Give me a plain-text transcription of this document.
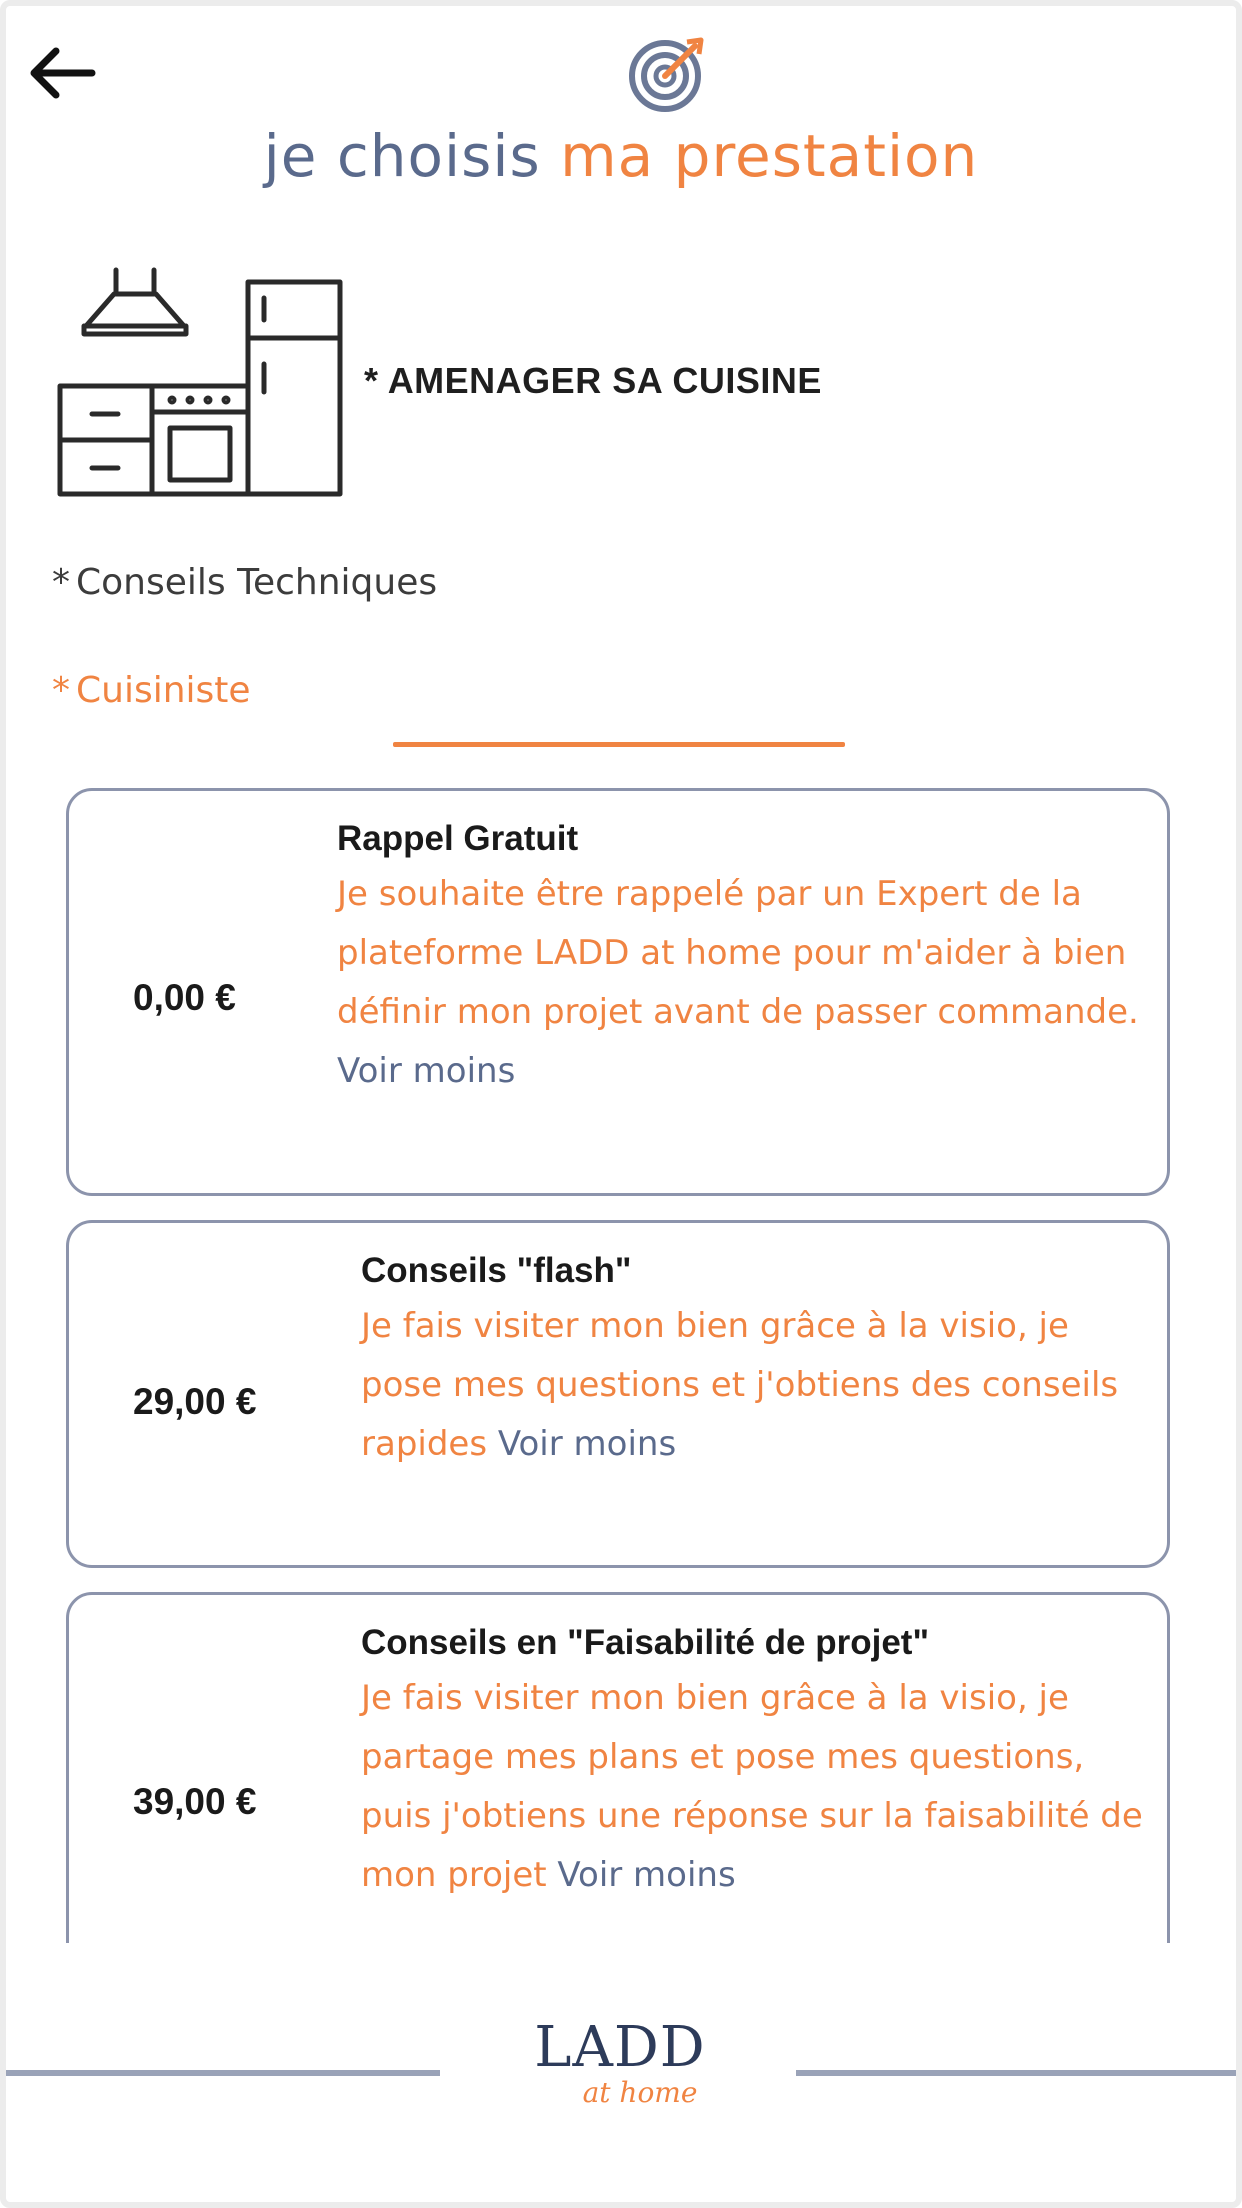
je choisis ma prestation
* AMENAGER SA CUISINE
* Conseils Techniques
* Cuisiniste
0,00 €
Rappel Gratuit
Je souhaite être rappelé par un Expert de la plateforme LADD at home pour m'aider à bien définir mon projet avant de passer commande. Voir moins
29,00 €
Conseils "flash"
Je fais visiter mon bien grâce à la visio, je pose mes questions et j'obtiens des conseils rapides Voir moins
39,00 €
Conseils en "Faisabilité de projet"
Je fais visiter mon bien grâce à la visio, je partage mes plans et pose mes questions, puis j'obtiens une réponse sur la faisabilité de mon projet Voir moins
LADD
at home
